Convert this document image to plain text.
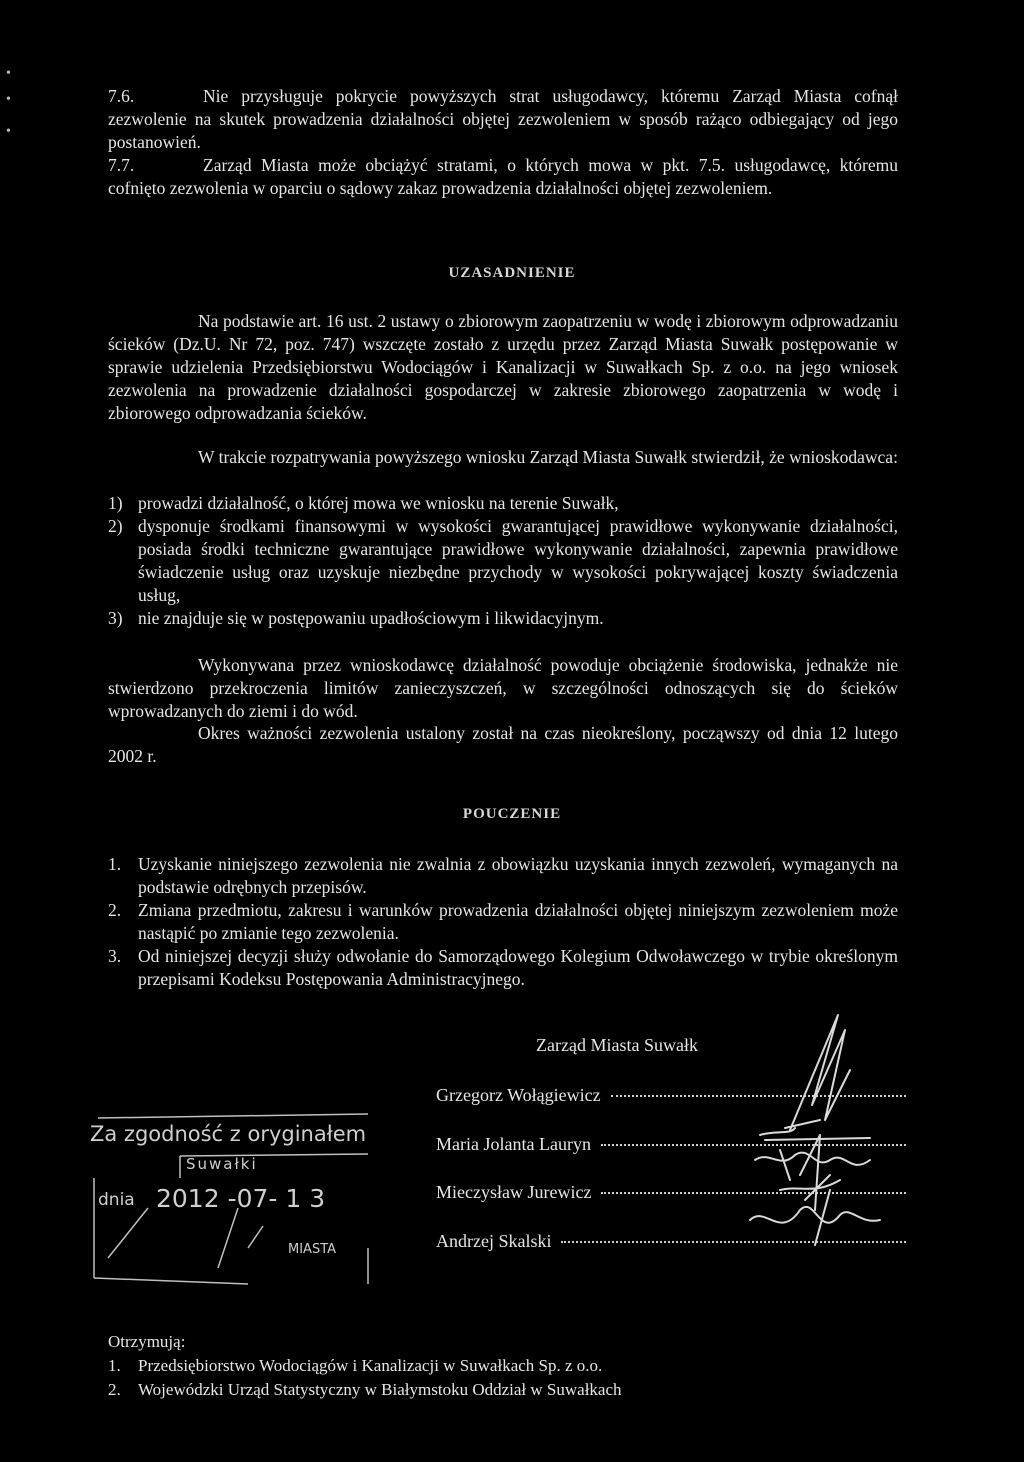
•
•
•
7.6.	Nie przysługuje pokrycie powyższych strat usługodawcy, któremu Zarząd Miasta cofnął zezwolenie na skutek prowadzenia działalności objętej zezwoleniem w sposób rażąco odbiegający od jego postanowień.
7.7.	Zarząd Miasta może obciążyć stratami, o których mowa w pkt. 7.5. usługodawcę, któremu cofnięto zezwolenia w oparciu o sądowy zakaz prowadzenia działalności objętej zezwoleniem.
UZASADNIENIE
Na podstawie art. 16 ust. 2 ustawy o zbiorowym zaopatrzeniu w wodę i zbiorowym odprowadzaniu ścieków (Dz.U. Nr 72, poz. 747) wszczęte zostało z urzędu przez Zarząd Miasta Suwałk postępowanie w sprawie udzielenia Przedsiębiorstwu Wodociągów i Kanalizacji w Suwałkach Sp. z o.o. na jego wniosek zezwolenia na prowadzenie działalności gospodarczej w zakresie zbiorowego zaopatrzenia w wodę i zbiorowego odprowadzania ścieków.
W trakcie rozpatrywania powyższego wniosku Zarząd Miasta Suwałk stwierdził, że wnioskodawca:
1) prowadzi działalność, o której mowa we wniosku na terenie Suwałk,
2) dysponuje środkami finansowymi w wysokości gwarantującej prawidłowe wykonywanie działalności, posiada środki techniczne gwarantujące prawidłowe wykonywanie działalności, zapewnia prawidłowe świadczenie usług oraz uzyskuje niezbędne przychody w wysokości pokrywającej koszty świadczenia usług,
3) nie znajduje się w postępowaniu upadłościowym i likwidacyjnym.
Wykonywana przez wnioskodawcę działalność powoduje obciążenie środowiska, jednakże nie stwierdzono przekroczenia limitów zanieczyszczeń, w szczególności odnoszących się do ścieków wprowadzanych do ziemi i do wód.
Okres ważności zezwolenia ustalony został na czas nieokreślony, począwszy od dnia 12 lutego 2002 r.
POUCZENIE
1. Uzyskanie niniejszego zezwolenia nie zwalnia z obowiązku uzyskania innych zezwoleń, wymaganych na podstawie odrębnych przepisów.
2. Zmiana przedmiotu, zakresu i warunków prowadzenia działalności objętej niniejszym zezwoleniem może nastąpić po zmianie tego zezwolenia.
3. Od niniejszej decyzji służy odwołanie do Samorządowego Kolegium Odwoławczego w trybie określonym przepisami Kodeksu Postępowania Administracyjnego.
Zarząd Miasta Suwałk
Grzegorz Wołągiewicz
Maria Jolanta Lauryn
Mieczysław Jurewicz
Andrzej Skalski
Za zgodność z oryginałem
Suwałki
dnia 2012 -07- 1 3
MIASTA
Otrzymują:
1. Przedsiębiorstwo Wodociągów i Kanalizacji w Suwałkach Sp. z o.o.
2. Wojewódzki Urząd Statystyczny w Białymstoku Oddział w Suwałkach
